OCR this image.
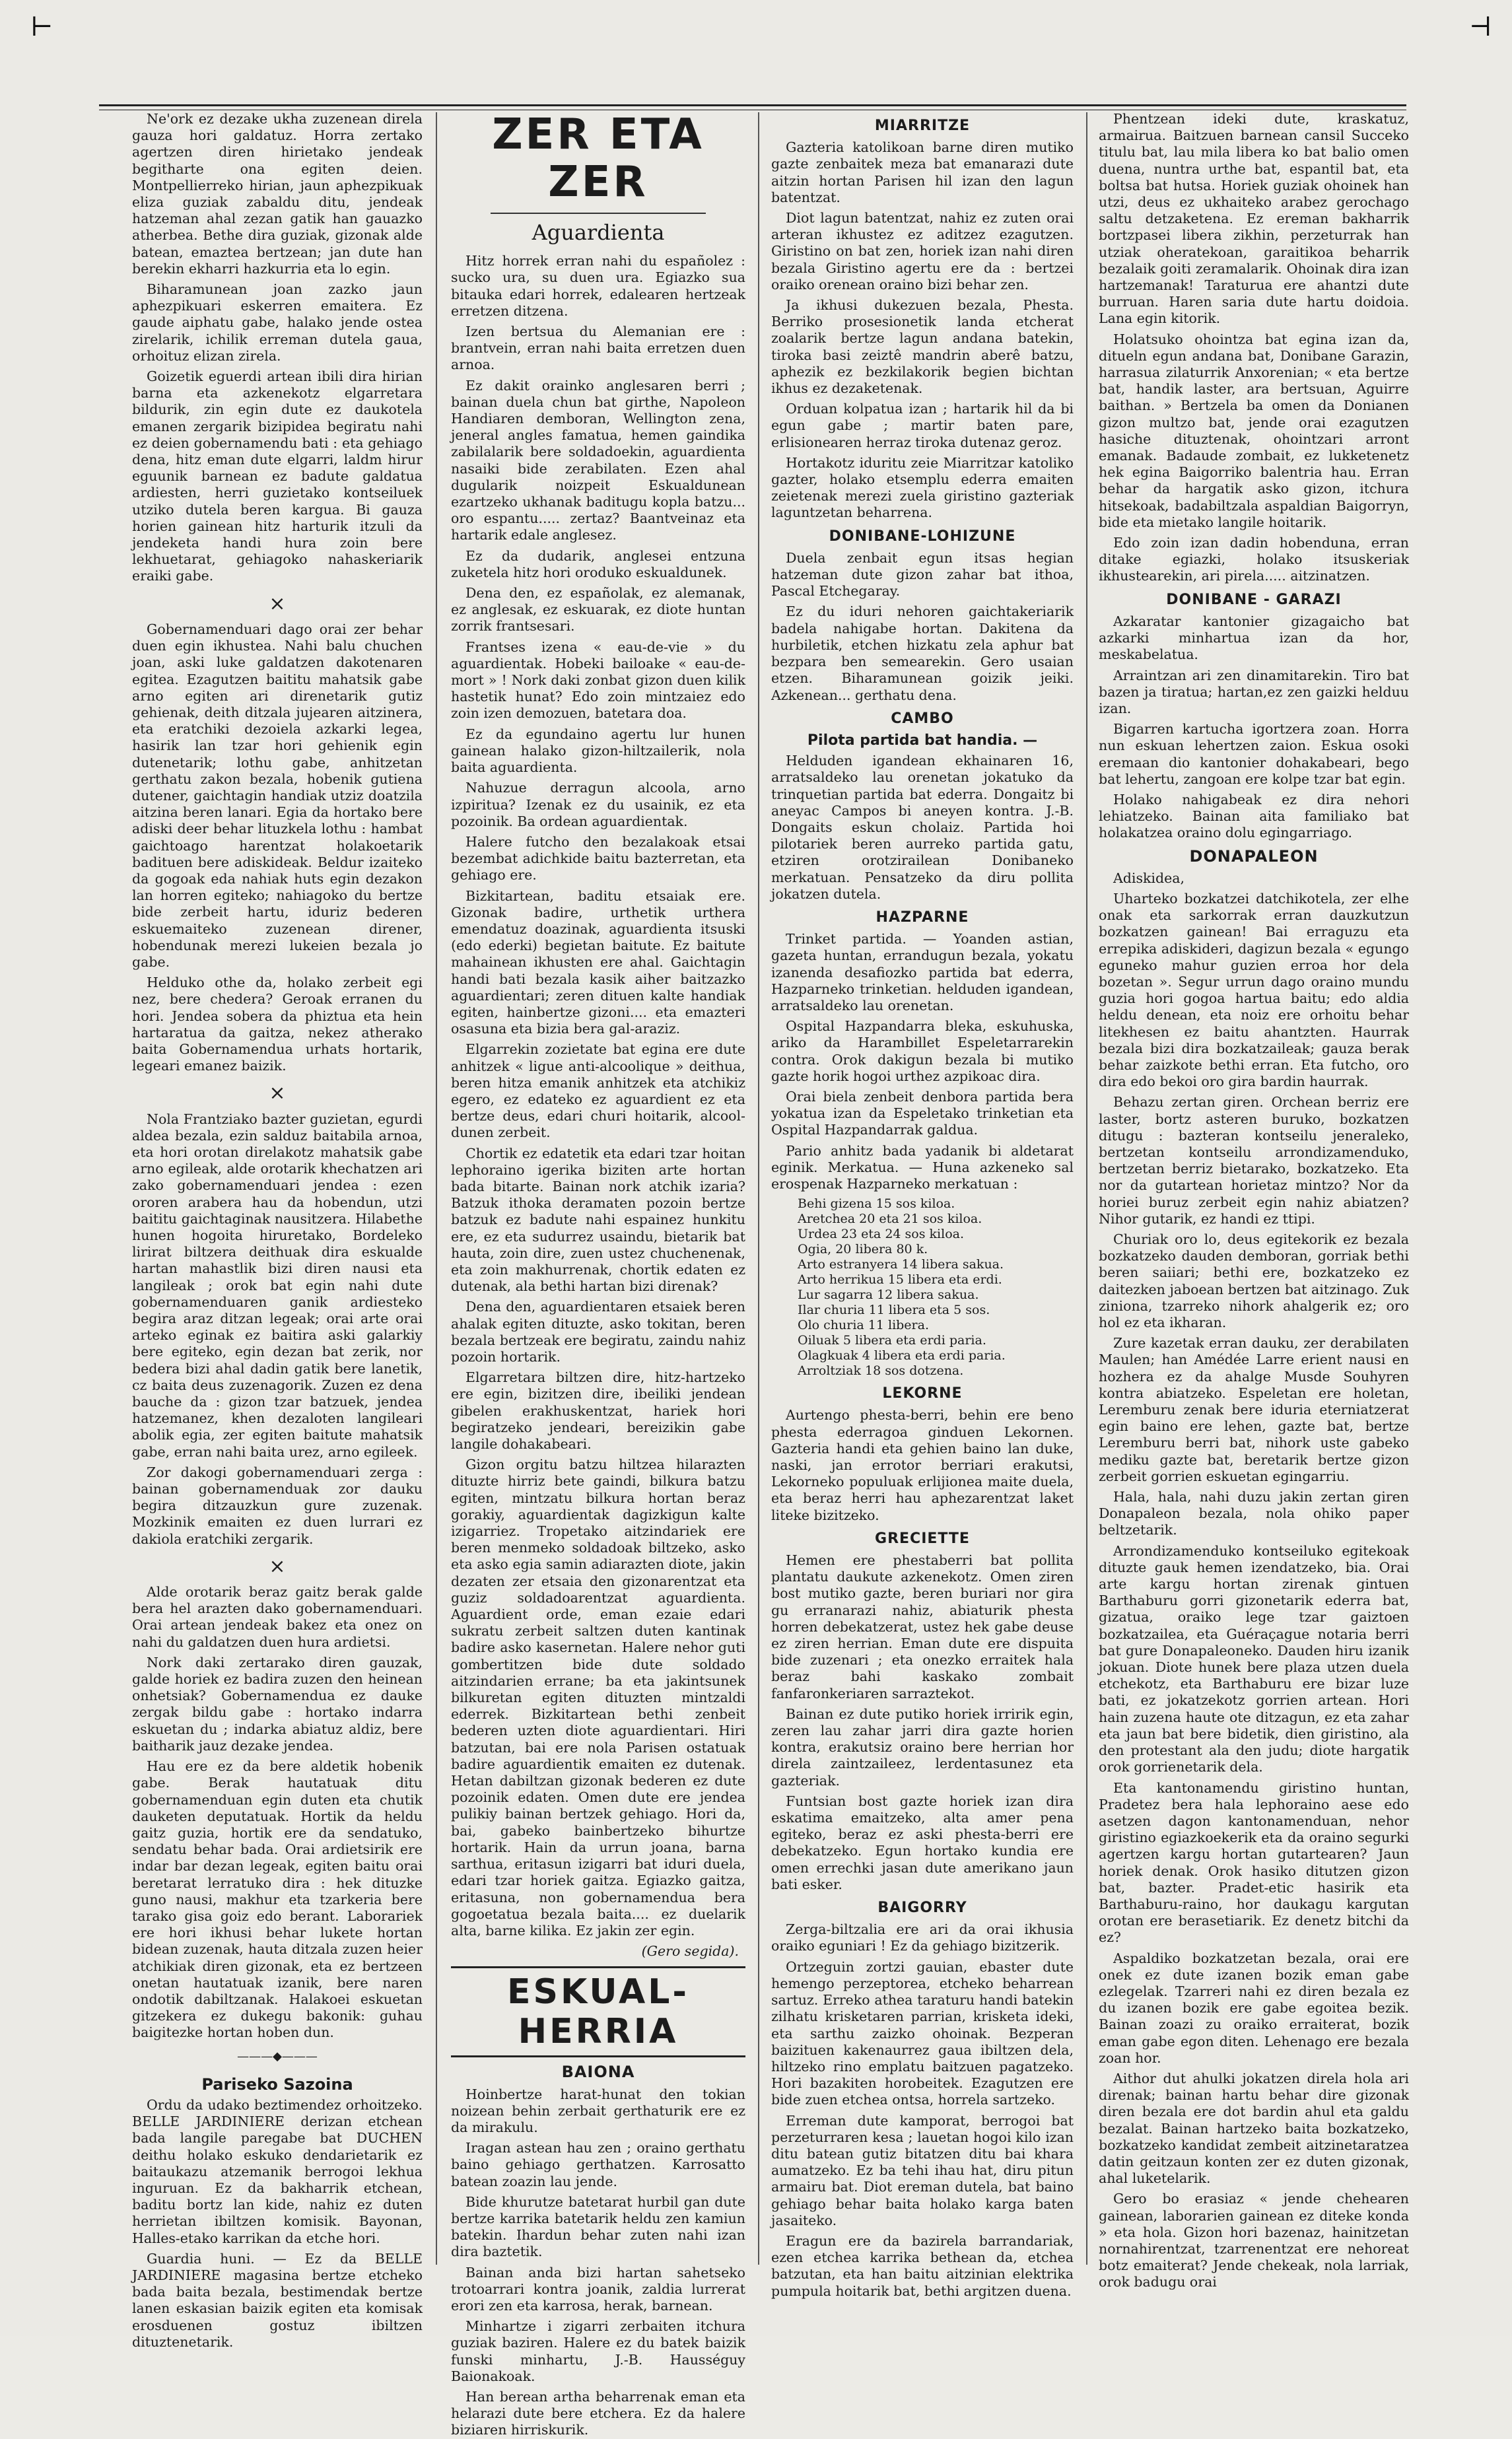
⊢	⊣

Ne'ork ez dezake ukha zuzenean direla gauza hori galdatuz. Horra zertako agertzen diren hirietako jendeak begitharte ona egiten deien. Montpellierreko hirian, jaun aphezpikuak eliza guziak zabaldu ditu, jendeak hatzeman ahal zezan gatik han gauazko atherbea. Bethe dira guziak, gizonak alde batean, emaztea bertzean; jan dute han berekin ekharri hazkurria eta lo egin.

Biharamunean joan zazko jaun aphezpikuari eskerren emaitera. Ez gaude aiphatu gabe, halako jende ostea zirelarik, ichilik erreman dutela gaua, orhoituz elizan zirela.

Goizetik eguerdi artean ibili dira hirian barna eta azkenekotz elgarretara bildurik, zin egin dute ez daukotela emanen zergarik bizipidea begiratu nahi ez deien gobernamendu bati : eta gehiago dena, hitz eman dute elgarri, laldm hirur eguunik barnean ez badute galdatua ardiesten, herri guzietako kontseiluek utziko dutela beren kargua. Bi gauza horien gainean hitz harturik itzuli da jendeketa handi hura zoin bere lekhuetarat, gehiagoko nahaskeriarik eraiki gabe.

×

Gobernamenduari dago orai zer behar duen egin ikhustea. Nahi balu chuchen joan, aski luke galdatzen dakotenaren egitea. Ezagutzen baititu mahatsik gabe arno egiten ari direnetarik gutiz gehienak, deith ditzala jujearen aitzinera, eta eratchiki dezoiela azkarki legea, hasirik lan tzar hori gehienik egin dutenetarik; lothu gabe, anhitzetan gerthatu zakon bezala, hobenik gutiena dutener, gaichtagin handiak utziz doatzila aitzina beren lanari. Egia da hortako bere adiski deer behar lituzkela lothu : hambat gaichtoago harentzat holakoetarik badituen bere adiskideak. Beldur izaiteko da gogoak eda nahiak huts egin dezakon lan horren egiteko; nahiagoko du bertze bide zerbeit hartu, iduriz bederen eskuemaiteko zuzenean direner, hobendunak merezi lukeien bezala jo gabe.

Helduko othe da, holako zerbeit egi nez, bere chedera? Geroak erranen du hori. Jendea sobera da phiztua eta hein hartaratua da gaitza, nekez atherako baita Gobernamendua urhats hortarik, legeari emanez baizik.

×

Nola Frantziako bazter guzietan, egurdi aldea bezala, ezin salduz baitabila arnoa, eta hori orotan direlakotz mahatsik gabe arno egileak, alde orotarik khechatzen ari zako gobernamenduari jendea : ezen ororen arabera hau da hobendun, utzi baititu gaichtaginak nausitzera. Hilabethe hunen hogoita hiruretako, Bordeleko lirirat biltzera deithuak dira eskualde hartan mahastlik bizi diren nausi eta langileak ; orok bat egin nahi dute gobernamenduaren ganik ardiesteko begira araz ditzan legeak; orai arte orai arteko eginak ez baitira aski galarkiy bere egiteko, egin dezan bat zerik, nor bedera bizi ahal dadin gatik bere lanetik, cz baita deus zuzenagorik. Zuzen ez dena bauche da : gizon tzar batzuek, jendea hatzemanez, khen dezaloten langileari abolik egia, zer egiten baitute mahatsik gabe, erran nahi baita urez, arno egileek.

Zor dakogi gobernamenduari zerga : bainan gobernamenduak zor dauku begira ditzauzkun gure zuzenak. Mozkinik emaiten ez duen lurrari ez dakiola eratchiki zergarik.

×

Alde orotarik beraz gaitz berak galde bera hel arazten dako gobernamenduari. Orai artean jendeak bakez eta onez on nahi du galdatzen duen hura ardietsi.

Nork daki zertarako diren gauzak, galde horiek ez badira zuzen den heinean onhetsiak? Gobernamendua ez dauke zergak bildu gabe : hortako indarra eskuetan du ; indarka abiatuz aldiz, bere baitharik jauz dezake jendea.

Hau ere ez da bere aldetik hobenik gabe. Berak hautatuak ditu gobernamenduan egin duten eta chutik dauketen deputatuak. Hortik da heldu gaitz guzia, hortik ere da sendatuko, sendatu behar bada. Orai ardietsirik ere indar bar dezan legeak, egiten baitu orai beretarat lerratuko dira : hek dituzke guno nausi, makhur eta tzarkeria bere tarako gisa goiz edo berant. Laborariek ere hori ikhusi behar lukete hortan bidean zuzenak, hauta ditzala zuzen heier atchikiak diren gizonak, eta ez bertzeen onetan hautatuak izanik, bere naren ondotik dabiltzanak. Halakoei eskuetan gitzekera ez dukegu bakonik: guhau baigitezke hortan hoben dun.

———◆———
Pariseko Sazoina

Ordu da udako beztimendez orhoitzeko. BELLE JARDINIERE derizan etchean bada langile paregabe bat DUCHEN deithu holako eskuko dendarietarik ez baitaukazu atzemanik berrogoi lekhua inguruan. Ez da bakharrik etchean, baditu bortz lan kide, nahiz ez duten herrietan ibiltzen komisik. Bayonan, Halles-etako karrikan da etche hori.

Guardia huni. — Ez da BELLE JARDINIERE magasina bertze etcheko bada baita bezala, bestimendak bertze lanen eskasian baizik egiten eta komisak erosduenen gostuz ibiltzen dituztenetarik.

ZER ETA ZER
Aguardienta

Hitz horrek erran nahi du españolez : sucko ura, su duen ura. Egiazko sua bitauka edari horrek, edalearen hertzeak erretzen ditzena.

Izen bertsua du Alemanian ere : brantvein, erran nahi baita erretzen duen arnoa.

Ez dakit orainko anglesaren berri ; bainan duela chun bat girthe, Napoleon Handiaren demboran, Wellington zena, jeneral angles famatua, hemen gaindika zabilalarik bere soldadoekin, aguardienta nasaiki bide zerabilaten. Ezen ahal dugularik noizpeit Eskualdunean ezartzeko ukhanak baditugu kopla batzu... oro espantu..... zertaz? Baantveinaz eta hartarik edale anglesez.

Ez da dudarik, anglesei entzuna zuketela hitz hori oroduko eskualdunek.

Dena den, ez españolak, ez alemanak, ez anglesak, ez eskuarak, ez diote huntan zorrik frantsesari.

Frantses izena « eau-de-vie » du aguardientak. Hobeki bailoake « eau-de-mort » ! Nork daki zonbat gizon duen kilik hastetik hunat? Edo zoin mintzaiez edo zoin izen demozuen, batetara doa.

Ez da egundaino agertu lur hunen gainean halako gizon-hiltzailerik, nola baita aguardienta.

Nahuzue derragun alcoola, arno izpiritua? Izenak ez du usainik, ez eta pozoinik. Ba ordean aguardientak.

Halere futcho den bezalakoak etsai bezembat adichkide baitu bazterretan, eta gehiago ere.

Bizkitartean, baditu etsaiak ere. Gizonak badire, urthetik urthera emendatuz doazinak, aguardienta itsuski (edo ederki) begietan baitute. Ez baitute mahainean ikhusten ere ahal. Gaichtagin handi bati bezala kasik aiher baitzazko aguardientari; zeren dituen kalte handiak egiten, hainbertze gizoni.... eta emazteri osasuna eta bizia bera gal-araziz.

Elgarrekin zozietate bat egina ere dute anhitzek « ligue anti-alcoolique » deithua, beren hitza emanik anhitzek eta atchikiz egero, ez edateko ez aguardient ez eta bertze deus, edari churi hoitarik, alcool-dunen zerbeit.

Chortik ez edatetik eta edari tzar hoitan lephoraino igerika biziten arte hortan bada bitarte. Bainan nork atchik izaria? Batzuk ithoka deramaten pozoin bertze batzuk ez badute nahi espainez hunkitu ere, ez eta sudurrez usaindu, bietarik bat hauta, zoin dire, zuen ustez chuchenenak, eta zoin makhurrenak, chortik edaten ez dutenak, ala bethi hartan bizi direnak?

Dena den, aguardientaren etsaiek beren ahalak egiten dituzte, asko tokitan, beren bezala bertzeak ere begiratu, zaindu nahiz pozoin hortarik.

Elgarretara biltzen dire, hitz-hartzeko ere egin, bizitzen dire, ibeiliki jendean gibelen erakhuskentzat, hariek hori begiratzeko jendeari, bereizikin gabe langile dohakabeari.

Gizon orgitu batzu hiltzea hilarazten dituzte hirriz bete gaindi, bilkura batzu egiten, mintzatu bilkura hortan beraz gorakiy, aguardientak dagizkigun kalte izigarriez. Tropetako aitzindariek ere beren menmeko soldadoak biltzeko, asko eta asko egia samin adiarazten diote, jakin dezaten zer etsaia den gizonarentzat eta guziz soldadoarentzat aguardienta. Aguardient orde, eman ezaie edari sukratu zerbeit saltzen duten kantinak badire asko kasernetan. Halere nehor guti gombertitzen bide dute soldado aitzindarien errane; ba eta jakintsunek bilkuretan egiten dituzten mintzaldi ederrek. Bizkitartean bethi zenbeit bederen uzten diote aguardientari. Hiri batzutan, bai ere nola Parisen ostatuak badire aguardientik emaiten ez dutenak. Hetan dabiltzan gizonak bederen ez dute pozoinik edaten. Omen dute ere jendea pulikiy bainan bertzek gehiago. Hori da, bai, gabeko bainbertzeko bihurtze hortarik. Hain da urrun joana, barna sarthua, eritasun izigarri bat iduri duela, edari tzar horiek gaitza. Egiazko gaitza, eritasuna, non gobernamendua bera gogoetatua bezala baita.... ez duelarik alta, barne kilika. Ez jakin zer egin.

(Gero segida).
ESKUAL-HERRIA
BAIONA

Hoinbertze harat-hunat den tokian noizean behin zerbait gerthaturik ere ez da mirakulu.

Iragan astean hau zen ; oraino gerthatu baino gehiago gerthatzen. Karrosatto batean zoazin lau jende.

Bide khurutze batetarat hurbil gan dute bertze karrika batetarik heldu zen kamiun batekin. Ihardun behar zuten nahi izan dira baztetik.

Bainan anda bizi hartan sahetseko trotoarrari kontra joanik, zaldia lurrerat erori zen eta karrosa, herak, barnean.

Minhartze i zigarri zerbaiten itchura guziak baziren. Halere ez du batek baizik funski minhartu, J.-B. Hausséguy Baionakoak.

Han berean artha beharrenak eman eta helarazi dute bere etchera. Ez da halere biziaren hirriskurik.

MIARRITZE

Gazteria katolikoan barne diren mutiko gazte zenbaitek meza bat emanarazi dute aitzin hortan Parisen hil izan den lagun batentzat.

Diot lagun batentzat, nahiz ez zuten orai arteran ikhustez ez aditzez ezagutzen. Giristino on bat zen, horiek izan nahi diren bezala Giristino agertu ere da : bertzei oraiko orenean oraino bizi behar zen.

Ja ikhusi dukezuen bezala, Phesta. Berriko prosesionetik landa etcherat zoalarik bertze lagun andana batekin, tiroka basi zeiztê mandrin aberê batzu, aphezik ez bezkilakorik begien bichtan ikhus ez dezaketenak.

Orduan kolpatua izan ; hartarik hil da bi egun gabe ; martir baten pare, erlisionearen herraz tiroka dutenaz geroz.

Hortakotz iduritu zeie Miarritzar katoliko gazter, holako etsemplu ederra emaiten zeietenak merezi zuela giristino gazteriak laguntzetan beharrena.

DONIBANE-LOHIZUNE

Duela zenbait egun itsas hegian hatzeman dute gizon zahar bat ithoa, Pascal Etchegaray.

Ez du iduri nehoren gaichtakeriarik badela nahigabe hortan. Dakitena da hurbiletik, etchen hizkatu zela aphur bat bezpara ben semearekin. Gero usaian etzen. Biharamunean goizik jeiki. Azkenean... gerthatu dena.

CAMBO
Pilota partida bat handia. —

Helduden igandean ekhainaren 16, arratsaldeko lau orenetan jokatuko da trinquetian partida bat ederra. Dongaitz bi aneyac Campos bi aneyen kontra. J.-B. Dongaits eskun cholaiz. Partida hoi pilotariek beren aurreko partida gatu, etziren orotzirailean Donibaneko merkatuan. Pensatzeko da diru pollita jokatzen dutela.

HAZPARNE

Trinket partida. — Yoanden astian, gazeta huntan, errandugun bezala, yokatu izanenda desafiozko partida bat ederra, Hazparneko trinketian. helduden igandean, arratsaldeko lau orenetan.

Ospital Hazpandarra bleka, eskuhuska, ariko da Harambillet Espeletarrarekin contra. Orok dakigun bezala bi mutiko gazte horik hogoi urthez azpikoac dira.

Orai biela zenbeit denbora partida bera yokatua izan da Espeletako trinketian eta Ospital Hazpandarrak galdua.

Pario anhitz bada yadanik bi aldetarat eginik. Merkatua. — Huna azkeneko sal erospenak Hazparneko merkatuan :

Behi gizena 15 sos kiloa.
Aretchea 20 eta 21 sos kiloa.
Urdea 23 eta 24 sos kiloa.
Ogia, 20 libera 80 k.
Arto estranyera 14 libera sakua.
Arto herrikua 15 libera eta erdi.
Lur sagarra 12 libera sakua.
Ilar churia 11 libera eta 5 sos.
Olo churia 11 libera.
Oiluak 5 libera eta erdi paria.
Olagkuak 4 libera eta erdi paria.
Arroltziak 18 sos dotzena.
LEKORNE

Aurtengo phesta-berri, behin ere beno phesta ederragoa ginduen Lekornen. Gazteria handi eta gehien baino lan duke, naski, jan errotor berriari erakutsi, Lekorneko populuak erlijionea maite duela, eta beraz herri hau aphezarentzat laket liteke bizitzeko.

GRECIETTE

Hemen ere phestaberri bat pollita plantatu daukute azkenekotz. Omen ziren bost mutiko gazte, beren buriari nor gira gu erranarazi nahiz, abiaturik phesta horren debekatzerat, ustez hek gabe deuse ez ziren herrian. Eman dute ere dispuita bide zuzenari ; eta onezko erraitek hala beraz bahi kaskako zombait fanfaronkeriaren sarraztekot.

Bainan ez dute putiko horiek irririk egin, zeren lau zahar jarri dira gazte horien kontra, erakutsiz oraino bere herrian hor direla zaintzaileez, lerdentasunez eta gazteriak.

Funtsian bost gazte horiek izan dira eskatima emaitzeko, alta amer pena egiteko, beraz ez aski phesta-berri ere debekatzeko. Egun hortako kundia ere omen errechki jasan dute amerikano jaun bati esker.

BAIGORRY

Zerga-biltzalia ere ari da orai ikhusia oraiko eguniari ! Ez da gehiago bizitzerik.

Ortzeguin zortzi gauian, ebaster dute hemengo perzeptorea, etcheko beharrean sartuz. Erreko athea taraturu handi batekin zilhatu krisketaren parrian, krisketa ideki, eta sarthu zaizko ohoinak. Bezperan baizituen kakenaurrez gaua ibiltzen dela, hiltzeko rino emplatu baitzuen pagatzeko. Hori bazakiten horobeitek. Ezagutzen ere bide zuen etchea ontsa, horrela sartzeko.

Erreman dute kamporat, berrogoi bat perzeturraren kesa ; lauetan hogoi kilo izan ditu batean gutiz bitatzen ditu bai khara aumatzeko. Ez ba tehi ihau hat, diru pitun armairu bat. Diot ereman dutela, bat baino gehiago behar baita holako karga baten jasaiteko.

Eragun ere da bazirela barrandariak, ezen etchea karrika bethean da, etchea batzutan, eta han baitu aitzinian elektrika pumpula hoitarik bat, bethi argitzen duena.

Phentzean ideki dute, kraskatuz, armairua. Baitzuen barnean cansil Succeko titulu bat, lau mila libera ko bat balio omen duena, nuntra urthe bat, espantil bat, eta boltsa bat hutsa. Horiek guziak ohoinek han utzi, deus ez ukhaiteko arabez gerochago saltu detzaketena. Ez ereman bakharrik bortzpasei libera zikhin, perzeturrak han utziak oheratekoan, garaitikoa beharrik bezalaik goiti zeramalarik. Ohoinak dira izan hartzemanak! Taraturua ere ahantzi dute burruan. Haren saria dute hartu doidoia. Lana egin kitorik.

Holatsuko ohointza bat egina izan da, ditueln egun andana bat, Donibane Garazin, harrasua zilaturrik Anxorenian; « eta bertze bat, handik laster, ara bertsuan, Aguirre baithan. » Bertzela ba omen da Donianen gizon multzo bat, jende orai ezagutzen hasiche dituztenak, ohointzari arront emanak. Badaude zombait, ez lukketenetz hek egina Baigorriko balentria hau. Erran behar da hargatik asko gizon, itchura hitsekoak, badabiltzala aspaldian Baigorryn, bide eta mietako langile hoitarik.

Edo zoin izan dadin hobenduna, erran ditake egiazki, holako itsuskeriak ikhustearekin, ari pirela..... aitzinatzen.

DONIBANE - GARAZI

Azkaratar kantonier gizagaicho bat azkarki minhartua izan da hor, meskabelatua.

Arraintzan ari zen dinamitarekin. Tiro bat bazen ja tiratua; hartan,ez zen gaizki helduu izan.

Bigarren kartucha igortzera zoan. Horra nun eskuan lehertzen zaion. Eskua osoki eremaan dio kantonier dohakabeari, bego bat lehertu, zangoan ere kolpe tzar bat egin.

Holako nahigabeak ez dira nehori lehiatzeko. Bainan aita familiako bat holakatzea oraino dolu egingarriago.

DONAPALEON

Adiskidea,

Uharteko bozkatzei datchikotela, zer elhe onak eta sarkorrak erran dauzkutzun bozkatzen gainean! Bai erraguzu eta errepika adiskideri, dagizun bezala « egungo eguneko mahur guzien erroa hor dela bozetan ». Segur urrun dago oraino mundu guzia hori gogoa hartua baitu; edo aldia heldu denean, eta noiz ere orhoitu behar litekhesen ez baitu ahantzten. Haurrak bezala bizi dira bozkatzaileak; gauza berak behar zaizkote bethi erran. Eta futcho, oro dira edo bekoi oro gira bardin haurrak.

Behazu zertan giren. Orchean berriz ere laster, bortz asteren buruko, bozkatzen ditugu : bazteran kontseilu jeneraleko, bertzetan kontseilu arrondizamenduko, bertzetan berriz bietarako, bozkatzeko. Eta nor da gutartean horietaz mintzo? Nor da horiei buruz zerbeit egin nahiz abiatzen? Nihor gutarik, ez handi ez ttipi.

Churiak oro lo, deus egitekorik ez bezala bozkatzeko dauden demboran, gorriak bethi beren saiiari; bethi ere, bozkatzeko ez daitezken jaboean bertzen bat aitzinago. Zuk ziniona, tzarreko nihork ahalgerik ez; oro hol ez eta ikharan.

Zure kazetak erran dauku, zer derabilaten Maulen; han Amédée Larre erient nausi en hozhera ez da ahalge Musde Souhyren kontra abiatzeko. Espeletan ere holetan, Leremburu zenak bere iduria eterniatzerat egin baino ere lehen, gazte bat, bertze Leremburu berri bat, nihork uste gabeko mediku gazte bat, beretarik bertze gizon zerbeit gorrien eskuetan egingarriu.

Hala, hala, nahi duzu jakin zertan giren Donapaleon bezala, nola ohiko paper beltzetarik.

Arrondizamenduko kontseiluko egitekoak dituzte gauk hemen izendatzeko, bia. Orai arte kargu hortan zirenak gintuen Barthaburu gorri gizonetarik ederra bat, gizatua, oraiko lege tzar gaiztoen bozkatzailea, eta Guéraçague notaria berri bat gure Donapaleoneko. Dauden hiru izanik jokuan. Diote hunek bere plaza utzen duela etchekotz, eta Barthaburu ere bizar luze bati, ez jokatzekotz gorrien artean. Hori hain zuzena haute ote ditzagun, ez eta zahar eta jaun bat bere bidetik, dien giristino, ala den protestant ala den judu; diote hargatik orok gorrienetarik dela.

Eta kantonamendu giristino huntan, Pradetez bera hala lephoraino aese edo asetzen dagon kantonamenduan, nehor giristino egiazkoekerik eta da oraino segurki agertzen kargu hortan gutartearen? Jaun horiek denak. Orok hasiko ditutzen gizon bat, bazter. Pradet-etic hasirik eta Barthaburu-raino, hor daukagu kargutan orotan ere berasetiarik. Ez denetz bitchi da ez?

Aspaldiko bozkatzetan bezala, orai ere onek ez dute izanen bozik eman gabe ezlegelak. Tzarreri nahi ez diren bezala ez du izanen bozik ere gabe egoitea bezik. Bainan zoazi zu oraiko erraiterat, bozik eman gabe egon diten. Lehenago ere bezala zoan hor.

Aithor dut ahulki jokatzen direla hola ari direnak; bainan hartu behar dire gizonak diren bezala ere dot bardin ahul eta galdu bezalat. Bainan hartzeko baita bozkatzeko, bozkatzeko kandidat zembeit aitzinetaratzea datin geitzaun konten zer ez duten gizonak, ahal luketelarik.

Gero bo erasiaz « jende chehearen gainean, laborarien gainean ez diteke konda » eta hola. Gizon hori bazenaz, hainitzetan nornahirentzat, tzarrenentzat ere nehoreat botz emaiterat? Jende chekeak, nola larriak, orok badugu orai
